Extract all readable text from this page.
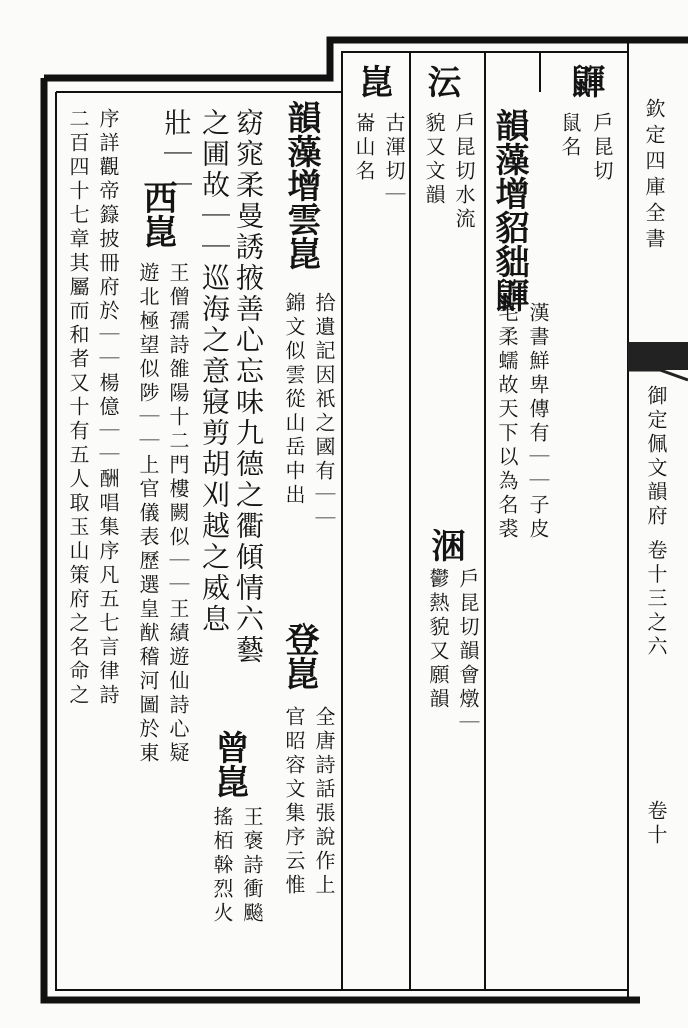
欽定四庫全書
御定佩文韻府 卷十三之六
卷十
鼲
戶昆切
鼠名
韻藻增貂貀鼲
漢書鮮卑傳有｜｜子皮
毛柔蠕故天下以為名裘
沄
戶昆切水流
貌又文韻
涃
戶昆切韻會燉｜
鬱熱貌又願韻
崑
古渾切｜
崙山名
韻藻增雲崑
拾遺記因祇之國有｜｜
錦文似雲從山岳中出
登崑
全唐詩話張說作上
官昭容文集序云惟
窈窕柔曼誘掖善心忘味九德之衢傾情六藝
之圃故｜｜巡海之意寢剪胡刈越之威息
曾崑
王褒詩衝飈
搖栢榦烈火
壯｜｜
西崑
王僧孺詩雒陽十二門樓闕似｜｜王績遊仙詩心疑
遊北極望似陟｜｜上官儀表歷選皇猷稽河圖於東
序詳觀帝籙披冊府於｜｜楊億｜｜酬唱集序凡五七言律詩
二百四十七章其屬而和者又十有五人取玉山策府之名命之
